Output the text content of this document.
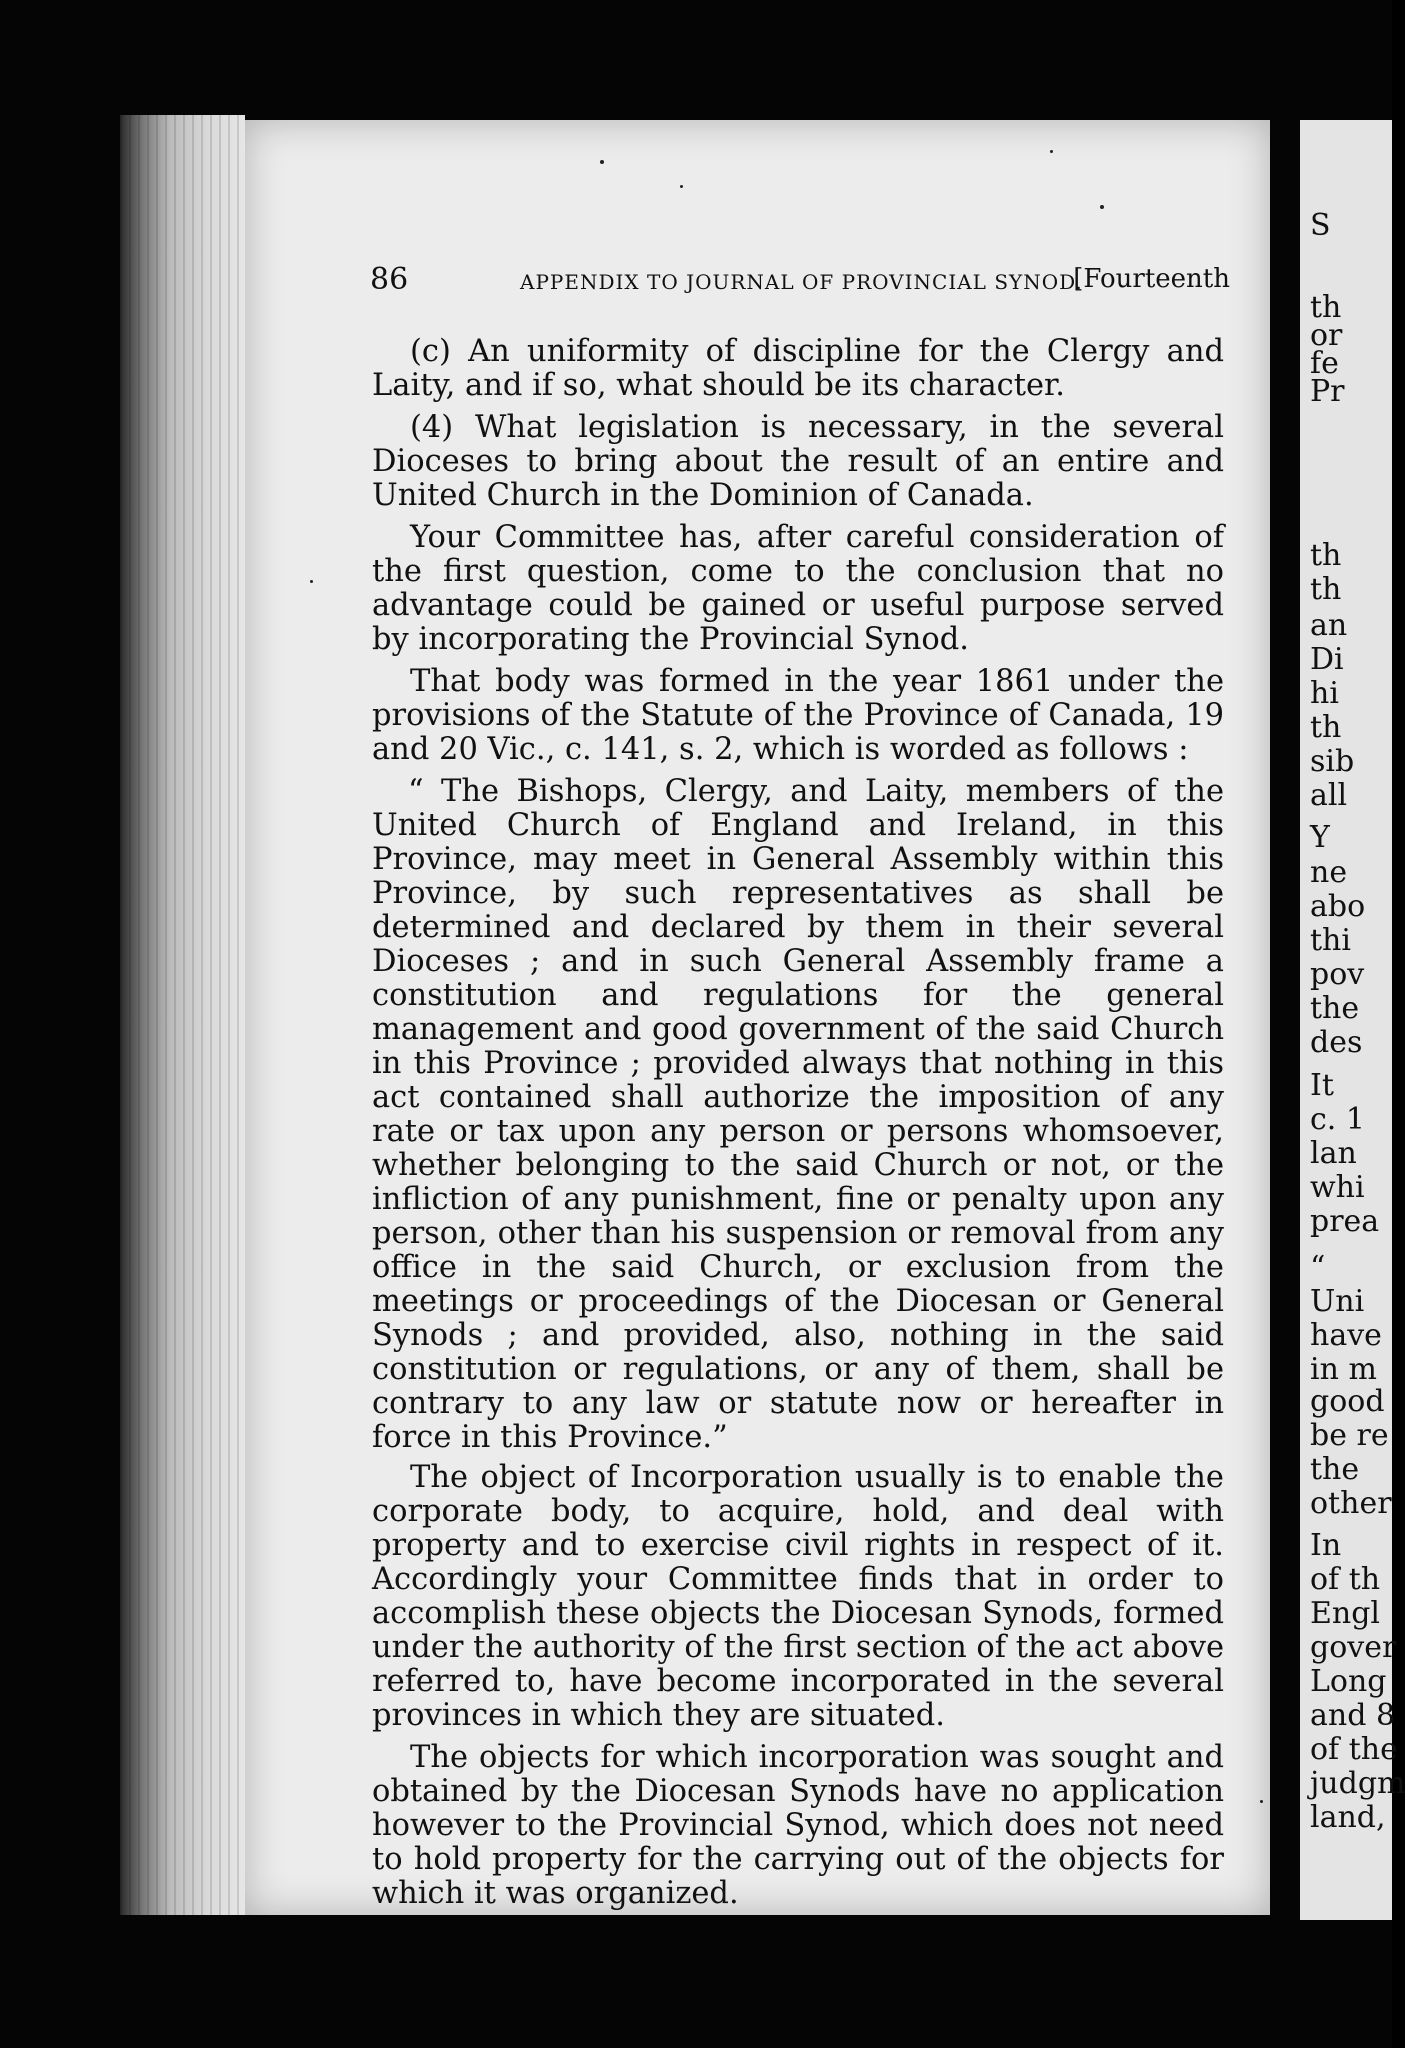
S
th
or
fe
Pr
th
th
an
Di
hi
th
sib
all
Y
ne
abo
thi
pov
the
des
It
c. 1
lan
whi
prea
“
Uni
have
in m
good
be re
the
other
In
of th
Engl
gover
Long
and 8
of the
judgm
land,
86	APPENDIX TO JOURNAL OF PROVINCIAL SYNOD.
[Fourteenth

(c) An uniformity of discipline for the Clergy and Laity, and if so, what should be its character.

(4) What legislation is necessary, in the several Dioceses to bring about the result of an entire and United Church in the Dominion of Canada.

Your Committee has, after careful consideration of the first question, come to the conclusion that no advantage could be gained or useful purpose served by incorporating the Provincial Synod.

That body was formed in the year 1861 under the provisions of the Statute of the Province of Canada, 19 and 20 Vic., c. 141, s. 2, which is worded as follows :

“ The Bishops, Clergy, and Laity, members of the United Church of England and Ireland, in this Province, may meet in General Assembly within this Province, by such representatives as shall be determined and declared by them in their several Dioceses ; and in such General Assembly frame a constitution and regulations for the general management and good government of the said Church in this Province ; provided always that nothing in this act contained shall authorize the imposition of any rate or tax upon any person or persons whomsoever, whether belonging to the said Church or not, or the infliction of any punishment, fine or penalty upon any person, other than his suspension or removal from any office in the said Church, or exclusion from the meetings or proceedings of the Diocesan or General Synods ; and provided, also, nothing in the said constitution or regulations, or any of them, shall be contrary to any law or statute now or hereafter in force in this Province.”

The object of Incorporation usually is to enable the corporate body, to acquire, hold, and deal with property and to exercise civil rights in respect of it. Accordingly your Committee finds that in order to accomplish these objects the Diocesan Synods, formed under the authority of the first section of the act above referred to, have become incorporated in the several provinces in which they are situated.

The objects for which incorporation was sought and obtained by the Diocesan Synods have no application however to the Provincial Synod, which does not need to hold property for the carrying out of the objects for which it was organized.
